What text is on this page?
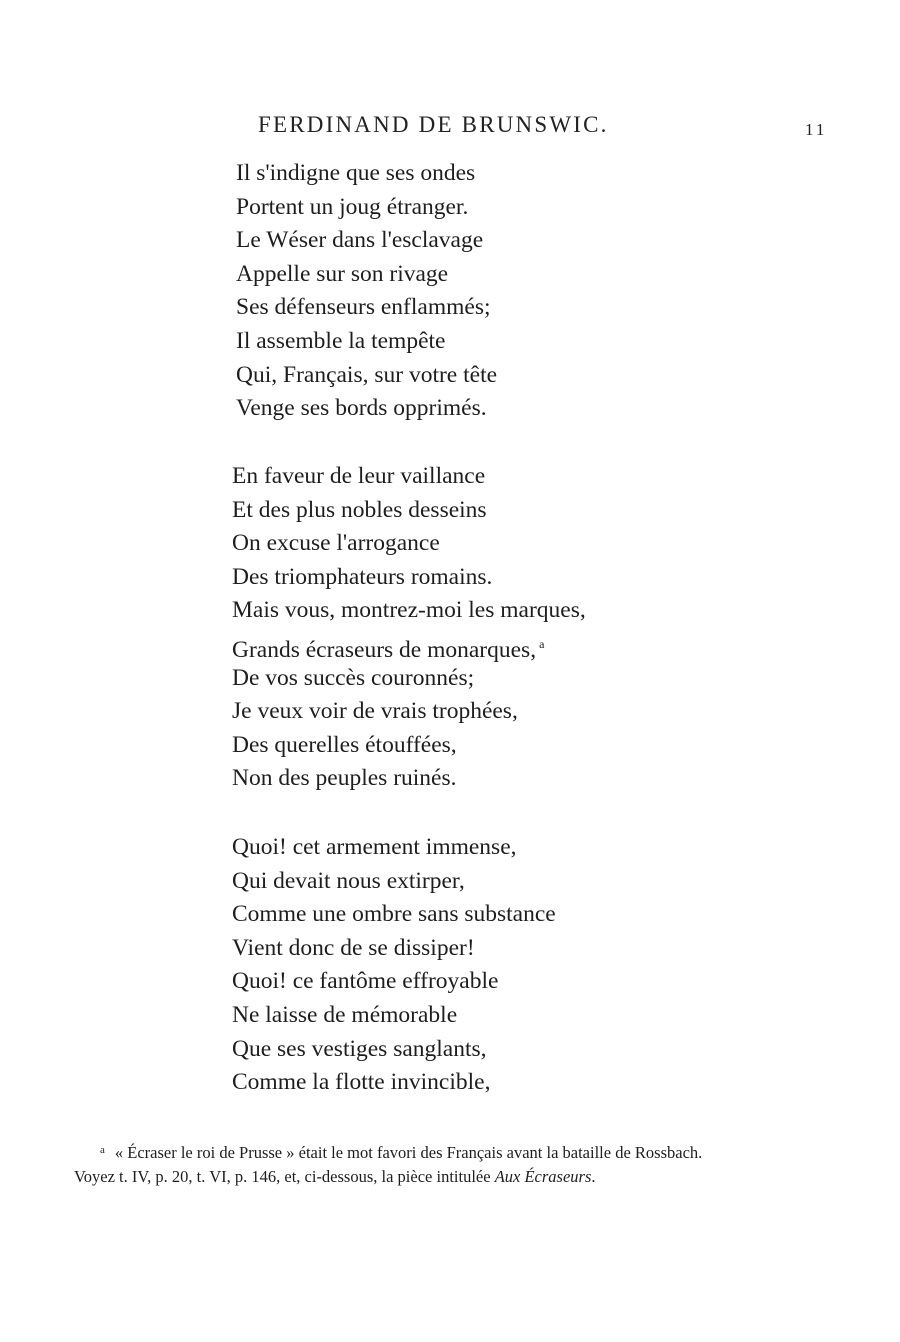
FERDINAND DE BRUNSWIC.	11
Il s'indigne que ses ondes
Portent un joug étranger.
Le Wéser dans l'esclavage
Appelle sur son rivage
Ses défenseurs enflammés;
Il assemble la tempête
Qui, Français, sur votre tête
Venge ses bords opprimés.
En faveur de leur vaillance
Et des plus nobles desseins
On excuse l'arrogance
Des triomphateurs romains.
Mais vous, montrez-moi les marques,
Grands écraseurs de monarques, $^a$
De vos succès couronnés;
Je veux voir de vrais trophées,
Des querelles étouffées,
Non des peuples ruinés.
Quoi! cet armement immense,
Qui devait nous extirper,
Comme une ombre sans substance
Vient donc de se dissiper!
Quoi! ce fantôme effroyable
Ne laisse de mémorable
Que ses vestiges sanglants,
Comme la flotte invincible,
$^a$ « Écraser le roi de Prusse » était le mot favori des Français avant la bataille de Rossbach.
Voyez t. IV, p. 20, t. VI, p. 146, et, ci-dessous, la pièce intitulée Aux Écraseurs.
